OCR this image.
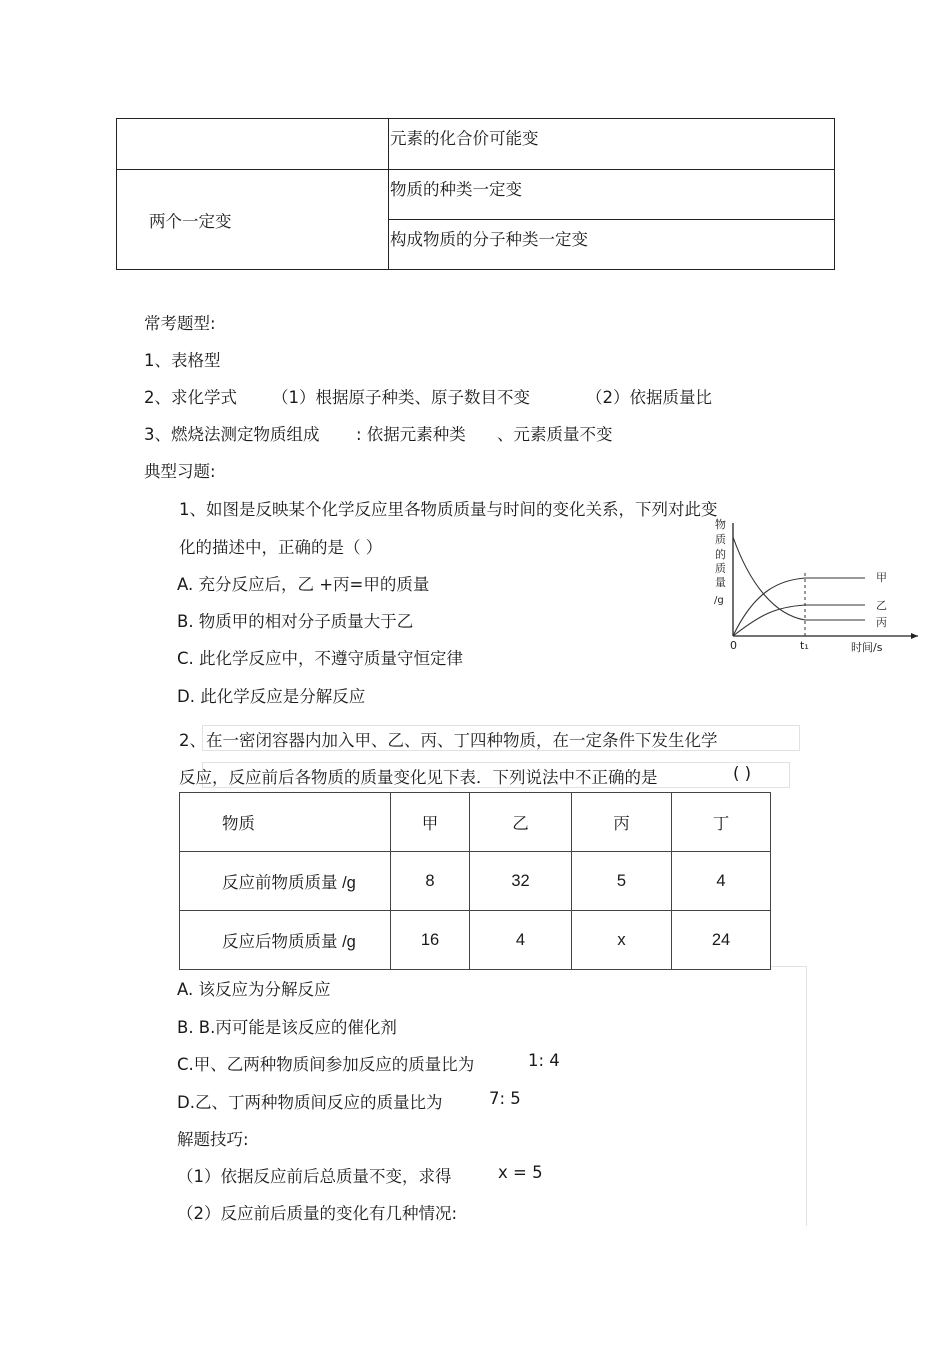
	元素的化合价可能变
两个一定变	物质的种类一定变
	构成物质的分子种类一定变
常考题型:
1、表格型
2、求化学式 （1）根据原子种类、原子数目不变	（2）依据质量比
3、燃烧法测定物质组成 : 依据元素种类 、元素质量不变
典型习题:
1、如图是反映某个化学反应里各物质质量与时间的变化关系，下列对此变
化的描述中，正确的是（ ）
A. 充分反应后，乙 +丙=甲的质量
B. 物质甲的相对分子质量大于乙
C. 此化学反应中，不遵守质量守恒定律
D. 此化学反应是分解反应
物
质
的
质
量
/g
0	t₁	时间/s
甲
乙
丙
2、在一密闭容器内加入甲、乙、丙、丁四种物质，在一定条件下发生化学
反应，反应前后各物质的质量变化见下表．下列说法中不正确的是	( )
物质	甲	乙	丙	丁
反应前物质质量 /g	8	32	5	4
反应后物质质量 /g	16	4	x	24
A. 该反应为分解反应
B. B.丙可能是该反应的催化剂
C.甲、乙两种物质间参加反应的质量比为	1: 4
D.乙、丁两种物质间反应的质量比为	7: 5
解题技巧:
（1）依据反应前后总质量不变，求得	x = 5
（2）反应前后质量的变化有几种情况:
